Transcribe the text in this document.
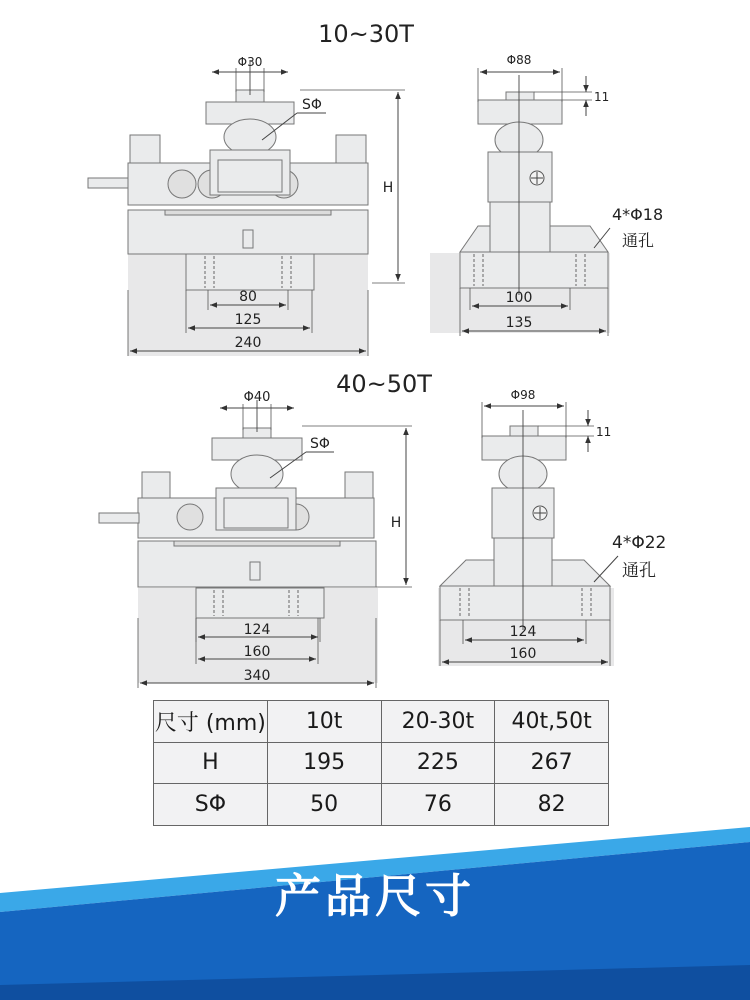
10~30T
Φ30
SΦ
H
80
125
240
Φ88
11
4*Φ18
通孔
100
135
40~50T
Φ40
SΦ
H
124
160
340
Φ98
11
4*Φ22
通孔
124
160
尺寸 (mm)	10t	20-30t	40t,50t
H	195	225	267
SΦ	50	76	82
产品尺寸
